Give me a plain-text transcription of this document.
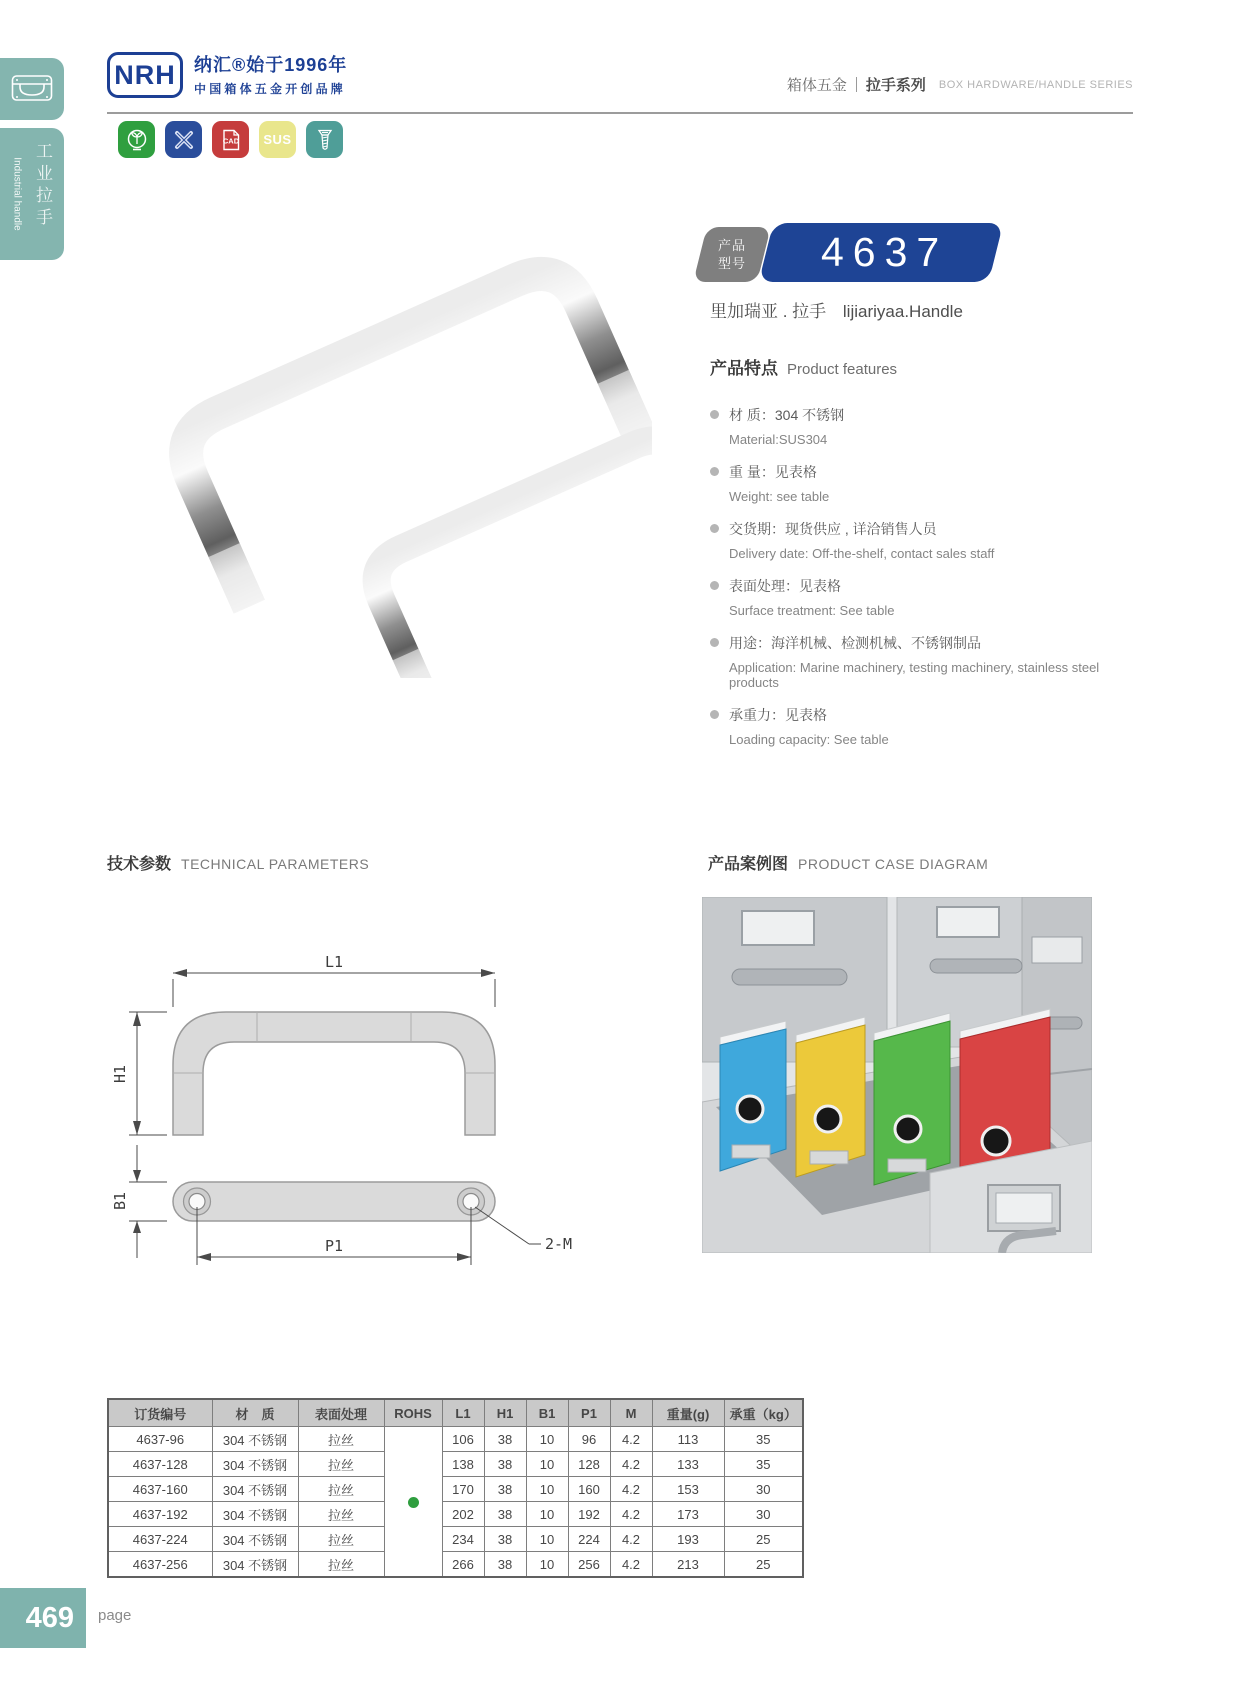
工业拉手
Industrial handle
NRH	纳汇®始于1996年
中国箱体五金开创品牌	箱体五金 拉手系列 BOX HARDWARE/HANDLE SERIES
CAD SUS
产品
型号 4637
里加瑞亚 . 拉手 lijiariyaa.Handle
产品特点 Product features
材 质：304 不锈钢
Material:SUS304
重 量：见表格
Weight: see table
交货期：现货供应 , 详洽销售人员
Delivery date: Off-the-shelf, contact sales staff
表面处理：见表格
Surface treatment: See table
用途：海洋机械、检测机械、不锈钢制品
Application: Marine machinery, testing machinery, stainless steel products
承重力：见表格
Loading capacity: See table
技术参数 TECHNICAL PARAMETERS	产品案例图 PRODUCT CASE DIAGRAM
L1
H1
B1
P1	2-M
订货编号	材　质	表面处理	ROHS	L1	H1	B1	P1	M	重量(g)	承重（kg）
4637-96	304 不锈钢	拉丝		106	38	10	96	4.2	113	35
4637-128	304 不锈钢	拉丝		138	38	10	128	4.2	133	35
4637-160	304 不锈钢	拉丝		170	38	10	160	4.2	153	30
4637-192	304 不锈钢	拉丝		202	38	10	192	4.2	173	30
4637-224	304 不锈钢	拉丝		234	38	10	224	4.2	193	25
4637-256	304 不锈钢	拉丝		266	38	10	256	4.2	213	25
469	page
